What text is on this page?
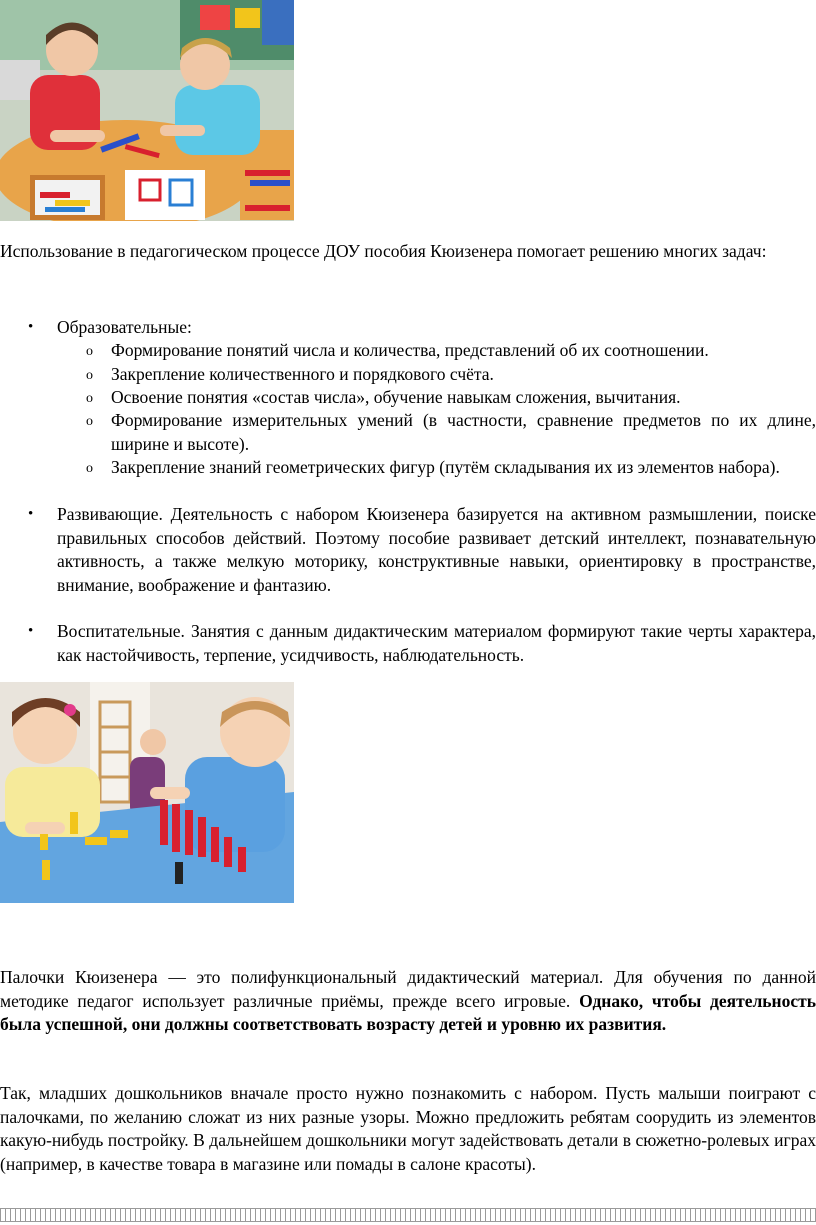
Использование в педагогическом процессе ДОУ пособия Кюизенера помогает решению многих задач:

• Образовательные:

o Формирование понятий числа и количества, представлений об их соотношении.

o Закрепление количественного и порядкового счёта.

o Освоение понятия «состав числа», обучение навыкам сложения, вычитания.

o Формирование измерительных умений (в частности, сравнение предметов по их длине, ширине и высоте).

o Закрепление знаний геометрических фигур (путём складывания их из элементов набора).

• Развивающие. Деятельность с набором Кюизенера базируется на активном размышлении, поиске правильных способов действий. Поэтому пособие развивает детский интеллект, познавательную активность, а также мелкую моторику, конструктивные навыки, ориентировку в пространстве, внимание, воображение и фантазию.

• Воспитательные. Занятия с данным дидактическим материалом формируют такие черты характера, как настойчивость, терпение, усидчивость, наблюдательность.

Палочки Кюизенера — это полифункциональный дидактический материал. Для обучения по данной методике педагог использует различные приёмы, прежде всего игровые. Однако, чтобы деятельность была успешной, они должны соответствовать возрасту детей и уровню их развития.

Так, младших дошкольников вначале просто нужно познакомить с набором. Пусть малыши поиграют с палочками, по желанию сложат из них разные узоры. Можно предложить ребятам соорудить из элементов какую-нибудь постройку. В дальнейшем дошкольники могут задействовать детали в сюжетно-ролевых играх (например, в качестве товара в магазине или помады в салоне красоты).
